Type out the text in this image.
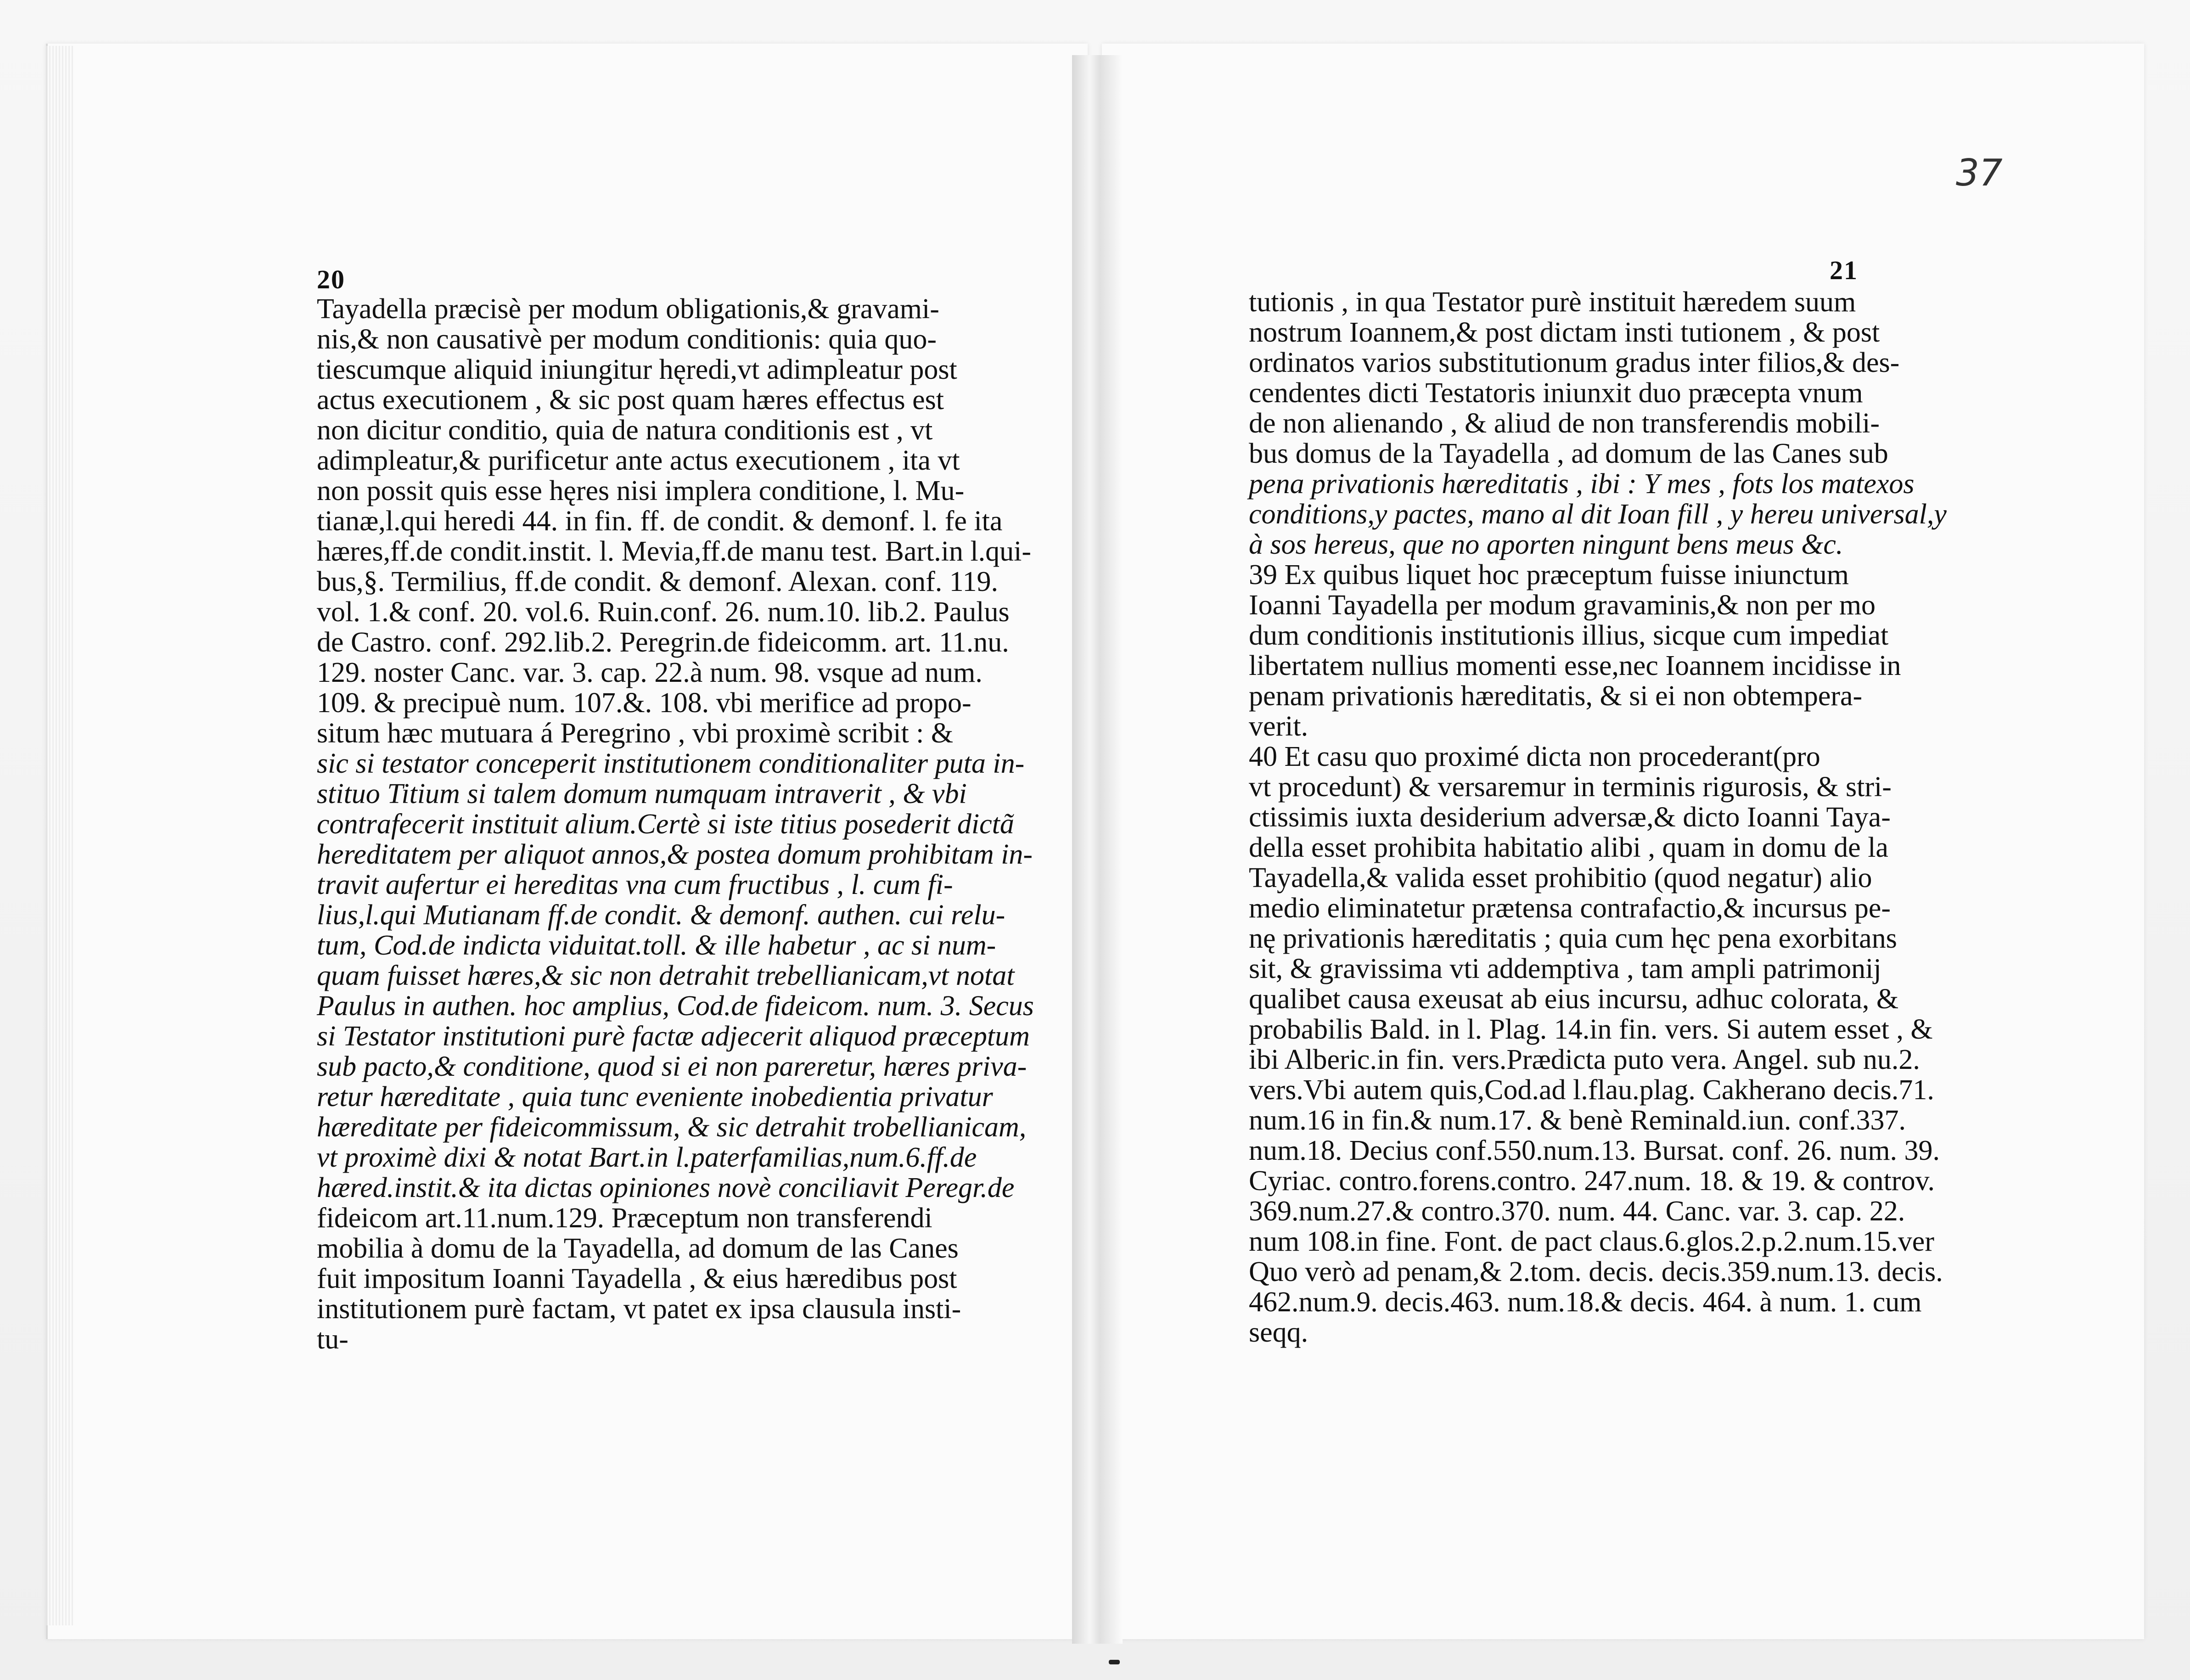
20	21
37
Tayadella præcisè per modum obligationis,& gravami-
nis,& non causativè per modum conditionis: quia quo-
tiescumque aliquid iniungitur hęredi,vt adimpleatur post
actus executionem , & sic post quam hæres effectus est
non dicitur conditio, quia de natura conditionis est , vt
adimpleatur,& purificetur ante actus executionem , ita vt
non possit quis esse hęres nisi implera conditione, l. Mu-
tianæ,l.qui heredi 44. in fin. ff. de condit. & demonf. l. fe ita
hæres,ff.de condit.instit. l. Mevia,ff.de manu test. Bart.in l.qui-
bus,§. Termilius, ff.de condit. & demonf. Alexan. conf. 119.
vol. 1.& conf. 20. vol.6. Ruin.conf. 26. num.10. lib.2. Paulus
de Castro. conf. 292.lib.2. Peregrin.de fideicomm. art. 11.nu.
129. noster Canc. var. 3. cap. 22.à num. 98. vsque ad num.
109. & precipuè num. 107.&. 108. vbi merifice ad propo-
situm hæc mutuara á Peregrino , vbi proximè scribit : &
sic si testator conceperit institutionem conditionaliter puta in-
stituo Titium si talem domum numquam intraverit , & vbi
contrafecerit instituit alium.Certè si iste titius posederit dictã
hereditatem per aliquot annos,& postea domum prohibitam in-
travit aufertur ei hereditas vna cum fructibus , l. cum fi-
lius,l.qui Mutianam ff.de condit. & demonf. authen. cui relu-
tum, Cod.de indicta viduitat.toll. & ille habetur , ac si num-
quam fuisset hæres,& sic non detrahit trebellianicam,vt notat
Paulus in authen. hoc amplius, Cod.de fideicom. num. 3. Secus
si Testator institutioni purè factæ adjecerit aliquod præceptum
sub pacto,& conditione, quod si ei non pareretur, hæres priva-
retur hæreditate , quia tunc eveniente inobedientia privatur
hæreditate per fideicommissum, & sic detrahit trobellianicam,
vt proximè dixi & notat Bart.in l.paterfamilias,num.6.ff.de
hæred.instit.& ita dictas opiniones novè conciliavit Peregr.de
fideicom art.11.num.129. Præceptum non transferendi
mobilia à domu de la Tayadella, ad domum de las Canes
fuit impositum Ioanni Tayadella , & eius hæredibus post
institutionem purè factam, vt patet ex ipsa clausula insti-
tu-
tutionis , in qua Testator purè instituit hæredem suum
nostrum Ioannem,& post dictam insti tutionem , & post
ordinatos varios substitutionum gradus inter filios,& des-
cendentes dicti Testatoris iniunxit duo præcepta vnum
de non alienando , & aliud de non transferendis mobili-
bus domus de la Tayadella , ad domum de las Canes sub
pena privationis hæreditatis , ibi : Y mes , fots los matexos
conditions,y pactes, mano al dit Ioan fill , y hereu universal,y
à sos hereus, que no aporten ningunt bens meus &c.
39 Ex quibus liquet hoc præceptum fuisse iniunctum
Ioanni Tayadella per modum gravaminis,& non per mo
dum conditionis institutionis illius, sicque cum impediat
libertatem nullius momenti esse,nec Ioannem incidisse in
penam privationis hæreditatis, & si ei non obtempera-
verit.
40 Et casu quo proximé dicta non procederant(pro
vt procedunt) & versaremur in terminis rigurosis, & stri-
ctissimis iuxta desiderium adversæ,& dicto Ioanni Taya-
della esset prohibita habitatio alibi , quam in domu de la
Tayadella,& valida esset prohibitio (quod negatur) alio
medio eliminatetur prætensa contrafactio,& incursus pe-
nę privationis hæreditatis ; quia cum hęc pena exorbitans
sit, & gravissima vti addemptiva , tam ampli patrimonij
qualibet causa exeusat ab eius incursu, adhuc colorata, &
probabilis Bald. in l. Plag. 14.in fin. vers. Si autem esset , &
ibi Alberic.in fin. vers.Prædicta puto vera. Angel. sub nu.2.
vers.Vbi autem quis,Cod.ad l.flau.plag. Cakherano decis.71.
num.16 in fin.& num.17. & benè Reminald.iun. conf.337.
num.18. Decius conf.550.num.13. Bursat. conf. 26. num. 39.
Cyriac. contro.forens.contro. 247.num. 18. & 19. & controv.
369.num.27.& contro.370. num. 44. Canc. var. 3. cap. 22.
num 108.in fine. Font. de pact claus.6.glos.2.p.2.num.15.ver
Quo verò ad penam,& 2.tom. decis. decis.359.num.13. decis.
462.num.9. decis.463. num.18.& decis. 464. à num. 1. cum
seqq.
